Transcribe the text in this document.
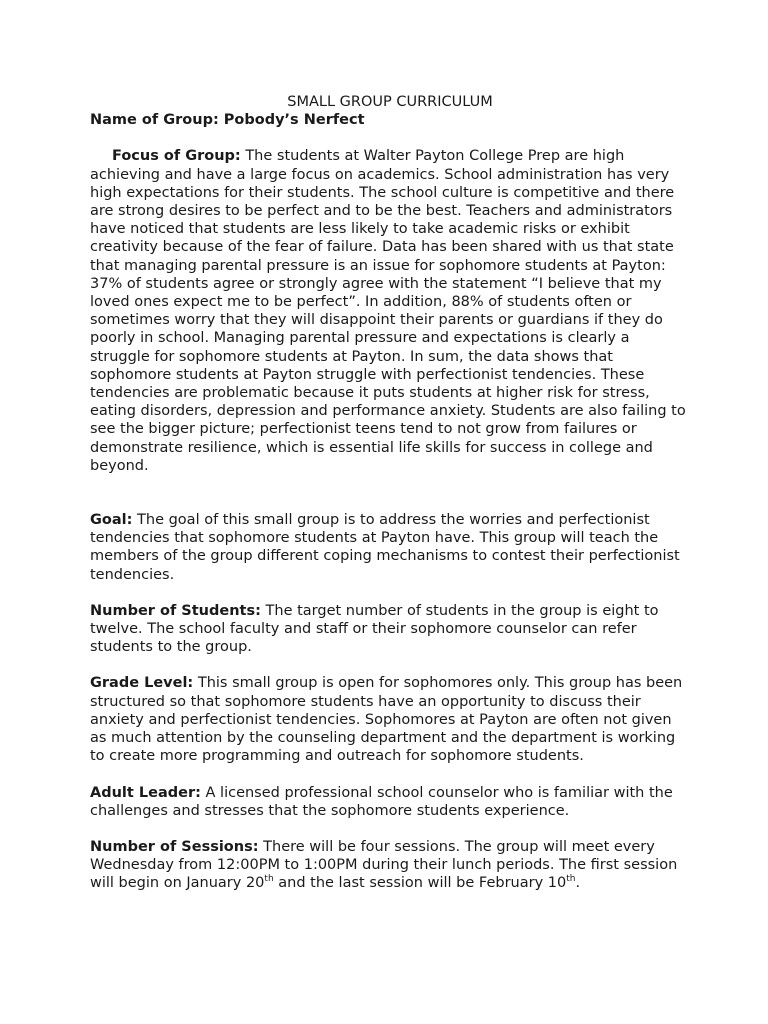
SMALL GROUP CURRICULUM

Name of Group: Pobody’s Nerfect

Focus of Group: The students at Walter Payton College Prep are high achieving and have a large focus on academics. School administration has very high expectations for their students. The school culture is competitive and there are strong desires to be perfect and to be the best. Teachers and administrators have noticed that students are less likely to take academic risks or exhibit creativity because of the fear of failure. Data has been shared with us that state that managing parental pressure is an issue for sophomore students at Payton: 37% of students agree or strongly agree with the statement “I believe that my loved ones expect me to be perfect”. In addition, 88% of students often or sometimes worry that they will disappoint their parents or guardians if they do poorly in school. Managing parental pressure and expectations is clearly a struggle for sophomore students at Payton. In sum, the data shows that sophomore students at Payton struggle with perfectionist tendencies. These tendencies are problematic because it puts students at higher risk for stress, eating disorders, depression and performance anxiety. Students are also failing to see the bigger picture; perfectionist teens tend to not grow from failures or demonstrate resilience, which is essential life skills for success in college and beyond.

Goal: The goal of this small group is to address the worries and perfectionist tendencies that sophomore students at Payton have. This group will teach the members of the group different coping mechanisms to contest their perfectionist tendencies.

Number of Students: The target number of students in the group is eight to twelve. The school faculty and staff or their sophomore counselor can refer students to the group.

Grade Level: This small group is open for sophomores only. This group has been structured so that sophomore students have an opportunity to discuss their anxiety and perfectionist tendencies. Sophomores at Payton are often not given as much attention by the counseling department and the department is working to create more programming and outreach for sophomore students.

Adult Leader: A licensed professional school counselor who is familiar with the challenges and stresses that the sophomore students experience.

Number of Sessions: There will be four sessions. The group will meet every Wednesday from 12:00PM to 1:00PM during their lunch periods. The first session will begin on January 20th and the last session will be February 10th.
